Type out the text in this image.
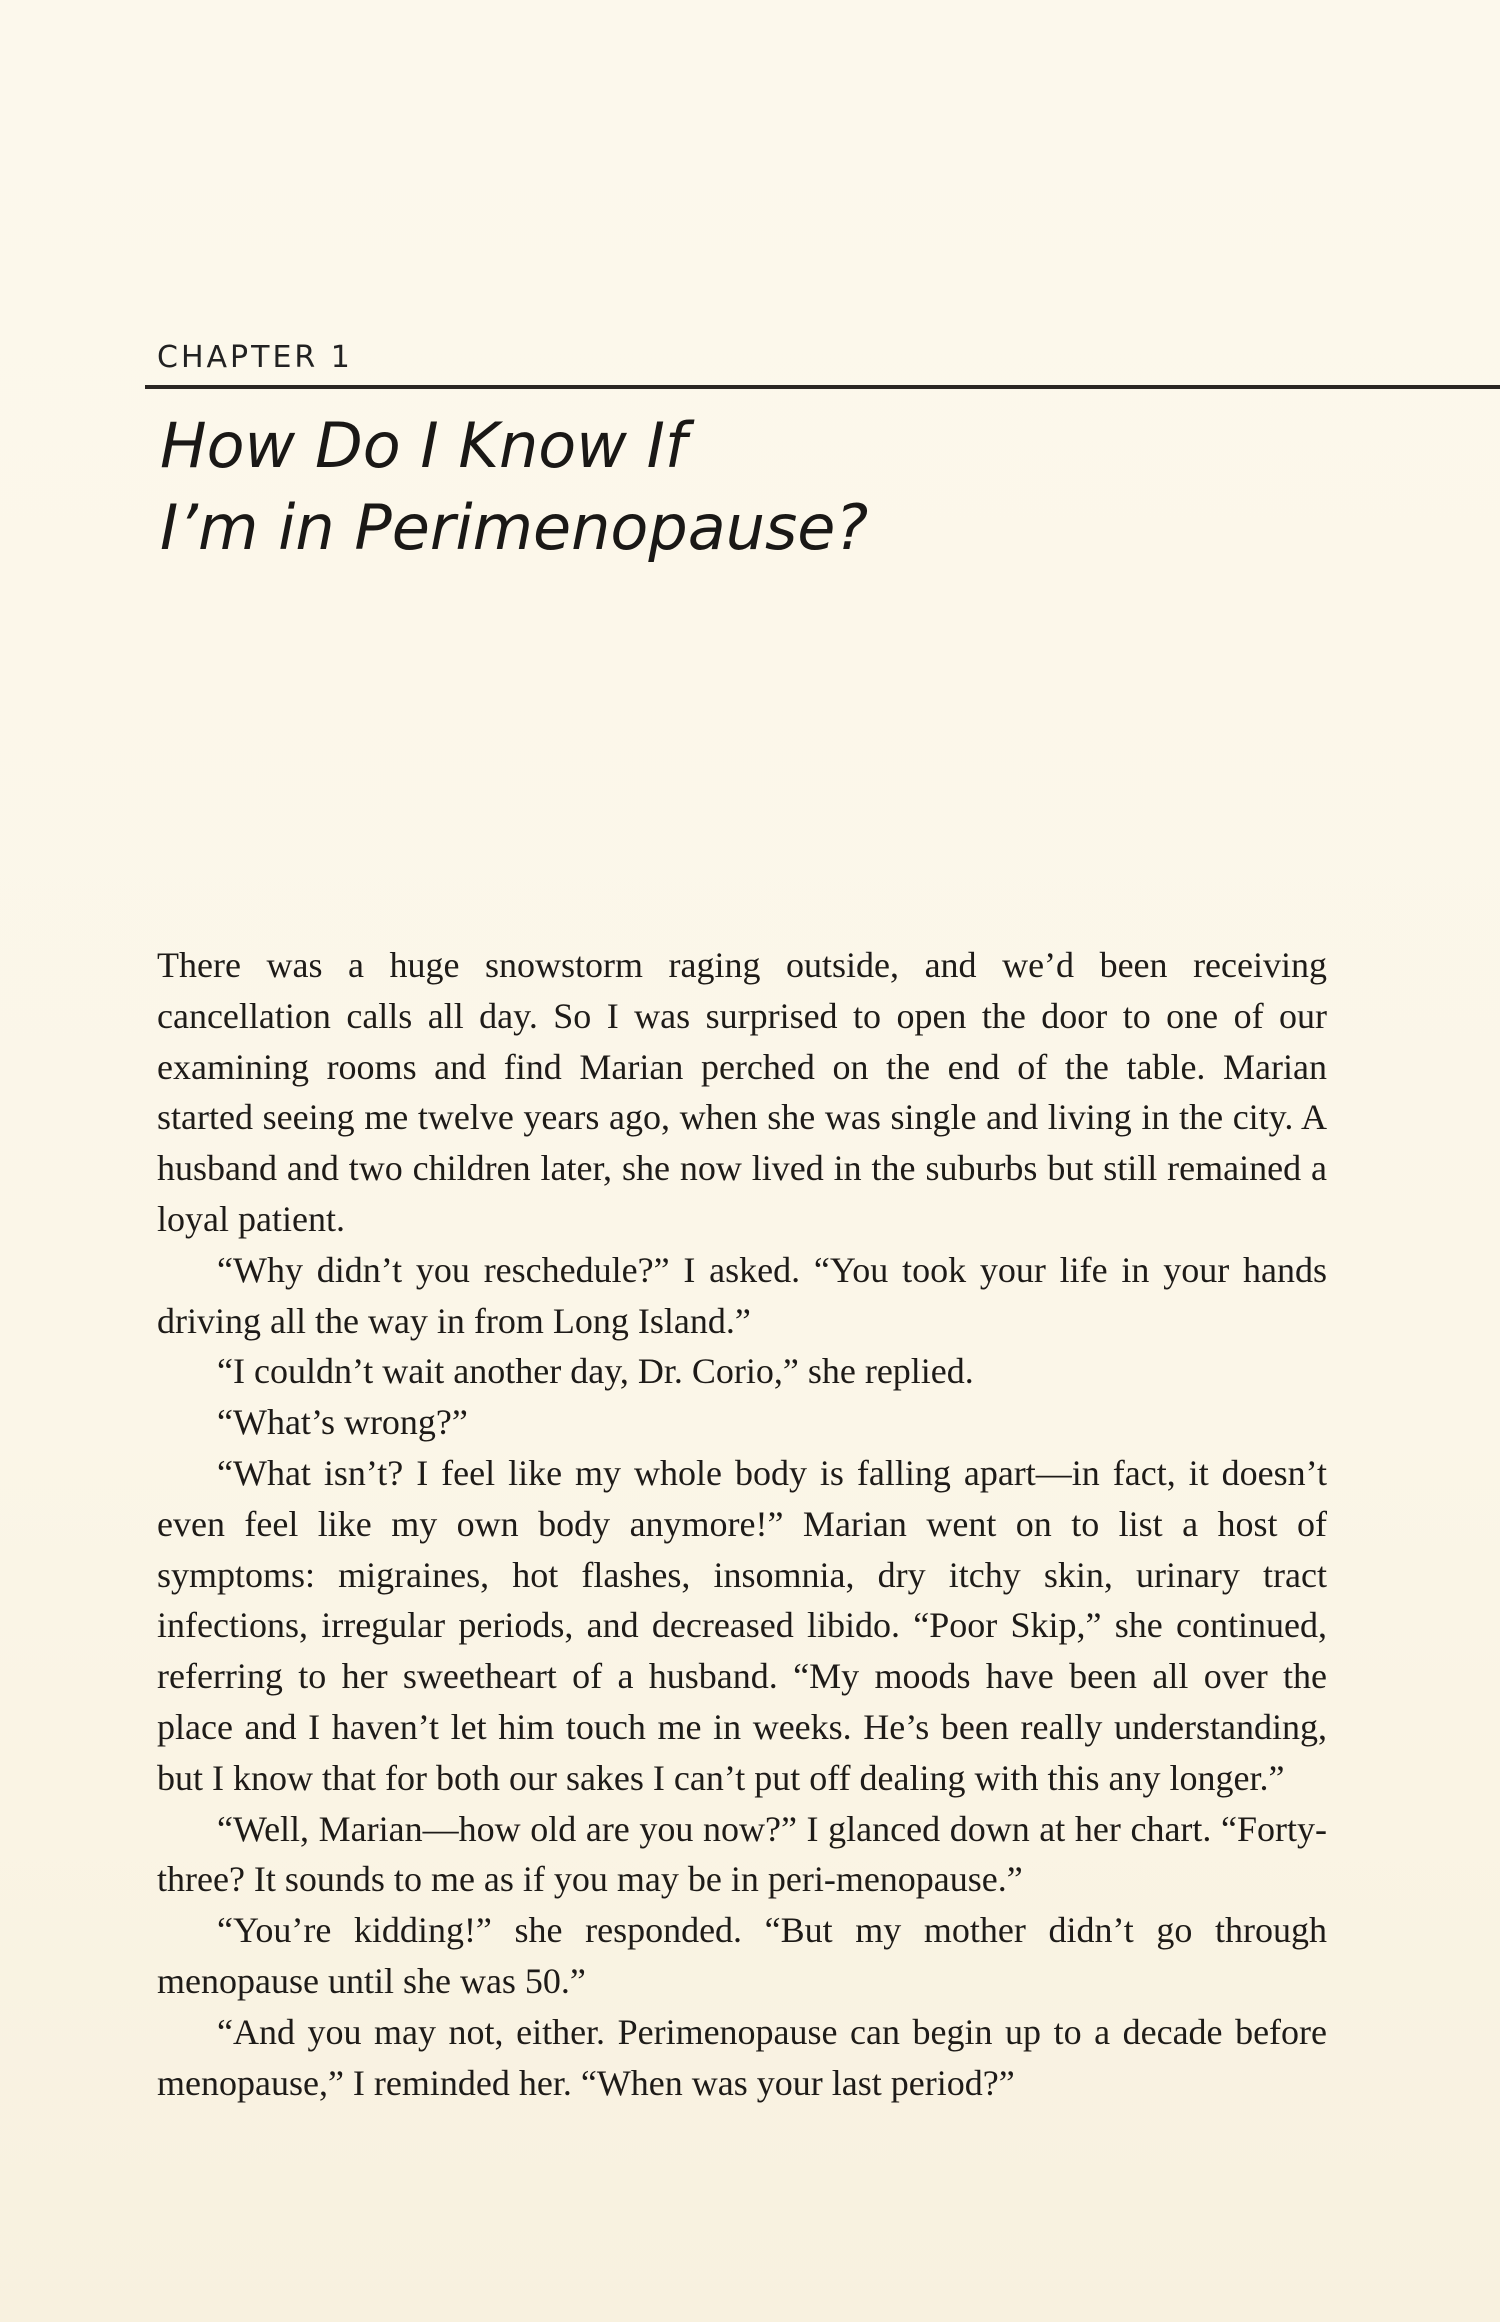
CHAPTER 1
How Do I Know If
I’m in Perimenopause?

There was a huge snowstorm raging outside, and we’d been receiving cancellation calls all day. So I was surprised to open the door to one of our examining rooms and find Marian perched on the end of the table. Marian started seeing me twelve years ago, when she was single and living in the city. A husband and two children later, she now lived in the suburbs but still remained a loyal patient.

“Why didn’t you reschedule?” I asked. “You took your life in your hands driving all the way in from Long Island.”

“I couldn’t wait another day, Dr. Corio,” she replied.

“What’s wrong?”

“What isn’t? I feel like my whole body is falling apart—in fact, it doesn’t even feel like my own body anymore!” Marian went on to list a host of symptoms: migraines, hot flashes, insomnia, dry itchy skin, urinary tract infections, irregular periods, and decreased libido. “Poor Skip,” she continued, referring to her sweetheart of a husband. “My moods have been all over the place and I haven’t let him touch me in weeks. He’s been really understanding, but I know that for both our sakes I can’t put off dealing with this any longer.”

“Well, Marian—how old are you now?” I glanced down at her chart. “Forty-three? It sounds to me as if you may be in peri-menopause.”

“You’re kidding!” she responded. “But my mother didn’t go through menopause until she was 50.”

“And you may not, either. Perimenopause can begin up to a decade before menopause,” I reminded her. “When was your last period?”
